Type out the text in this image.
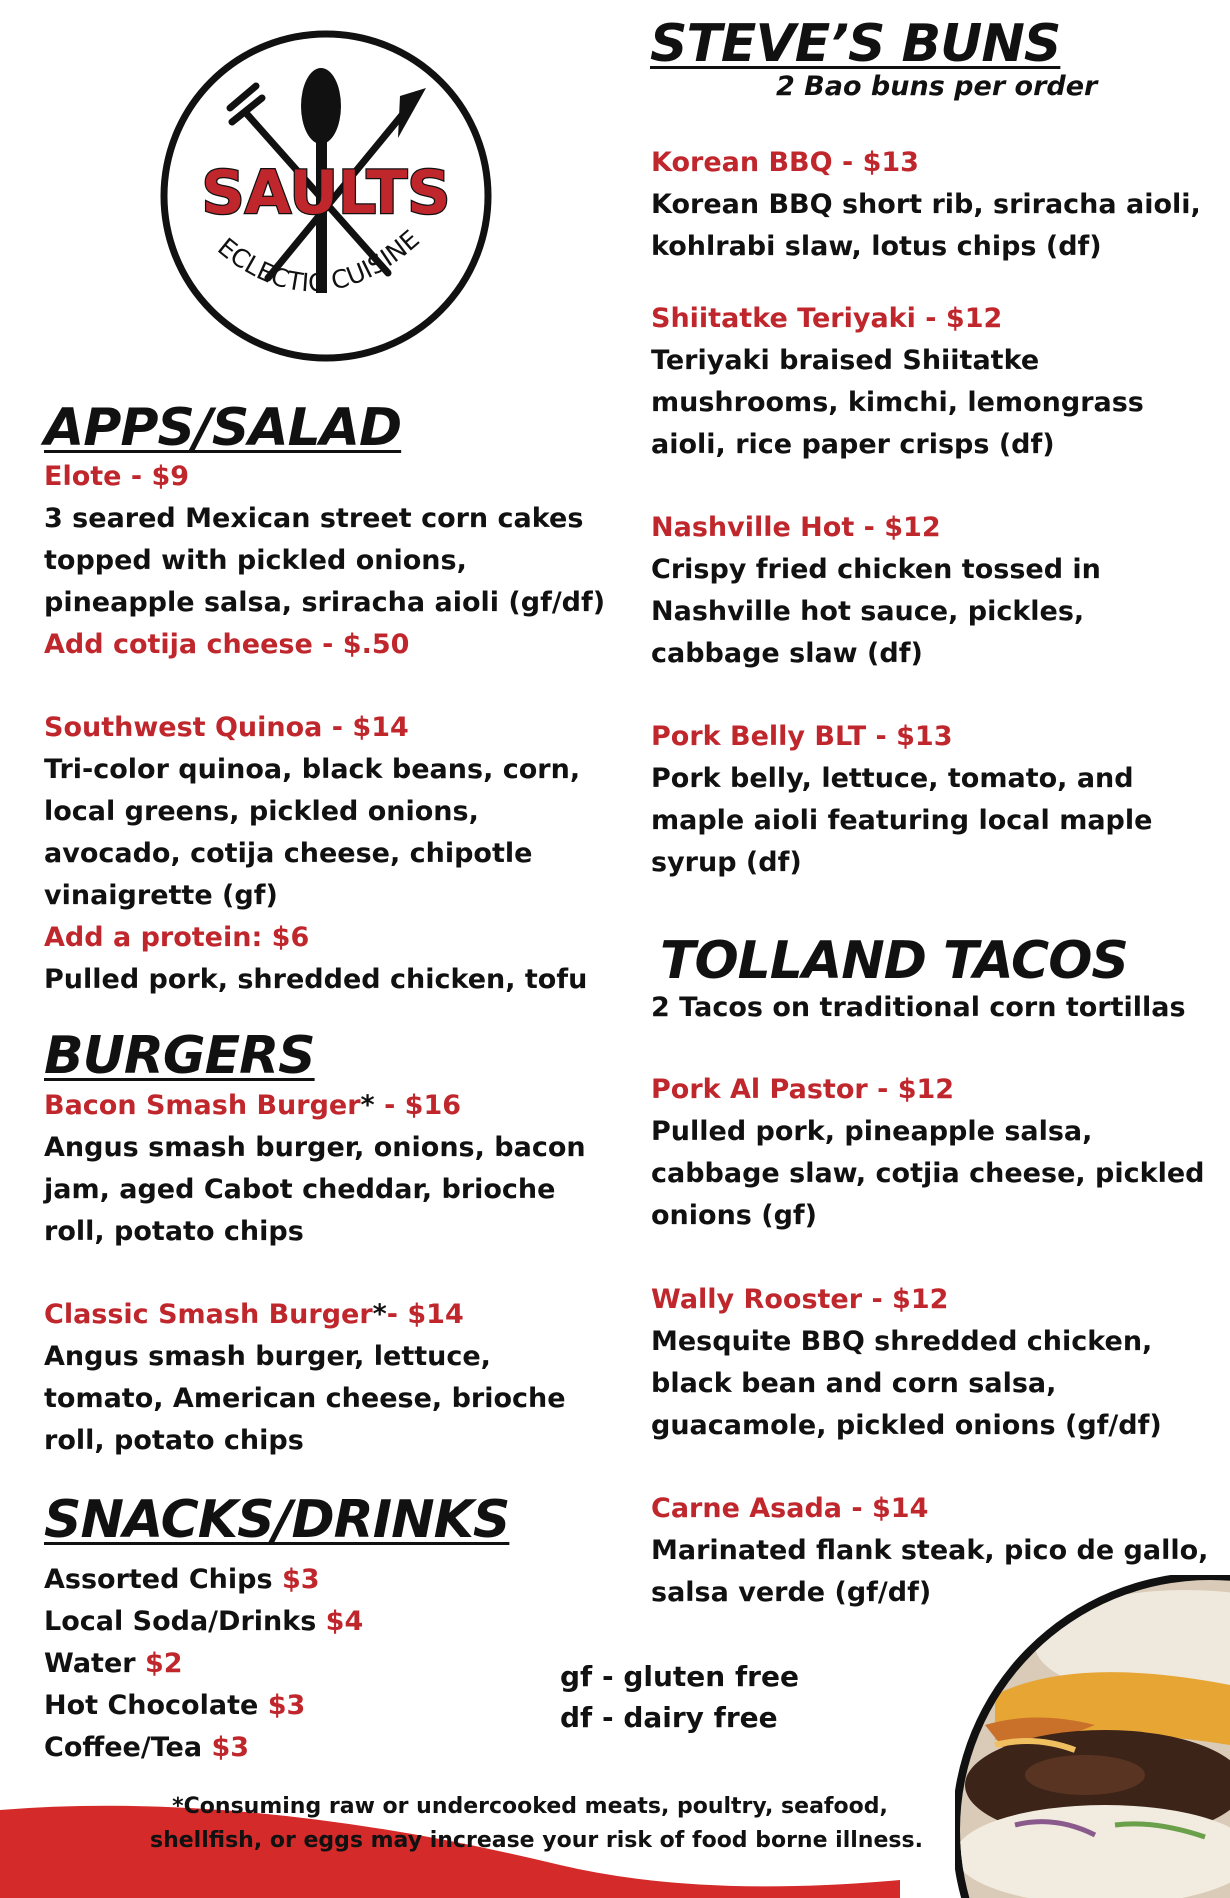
SAULTS
ECLECTIC CUISINE
STEVE’S BUNS
2 Bao buns per order
Korean BBQ - $13
Korean BBQ short rib, sriracha aioli,
kohlrabi slaw, lotus chips (df)
Shiitatke Teriyaki - $12
Teriyaki braised Shiitatke
mushrooms, kimchi, lemongrass
aioli, rice paper crisps (df)
Nashville Hot - $12
Crispy fried chicken tossed in
Nashville hot sauce, pickles,
cabbage slaw (df)
Pork Belly BLT - $13
Pork belly, lettuce, tomato, and
maple aioli featuring local maple
syrup (df)
TOLLAND TACOS
2 Tacos on traditional corn tortillas
Pork Al Pastor - $12
Pulled pork, pineapple salsa,
cabbage slaw, cotjia cheese, pickled
onions (gf)
Wally Rooster - $12
Mesquite BBQ shredded chicken,
black bean and corn salsa,
guacamole, pickled onions (gf/df)
Carne Asada - $14
Marinated flank steak, pico de gallo,
salsa verde (gf/df)
APPS/SALAD
Elote - $9
3 seared Mexican street corn cakes
topped with pickled onions,
pineapple salsa, sriracha aioli (gf/df)
Add cotija cheese - $.50
Southwest Quinoa - $14
Tri-color quinoa, black beans, corn,
local greens, pickled onions,
avocado, cotija cheese, chipotle
vinaigrette (gf)
Add a protein: $6
Pulled pork, shredded chicken, tofu
BURGERS
Bacon Smash Burger* - $16
Angus smash burger, onions, bacon
jam, aged Cabot cheddar, brioche
roll, potato chips
Classic Smash Burger*- $14
Angus smash burger, lettuce,
tomato, American cheese, brioche
roll, potato chips
SNACKS/DRINKS
Assorted Chips $3
Local Soda/Drinks $4
Water $2
Hot Chocolate $3
Coffee/Tea $3
gf - gluten free
df - dairy free
*Consuming raw or undercooked meats, poultry, seafood,
shellfish, or eggs may increase your risk of food borne illness.
